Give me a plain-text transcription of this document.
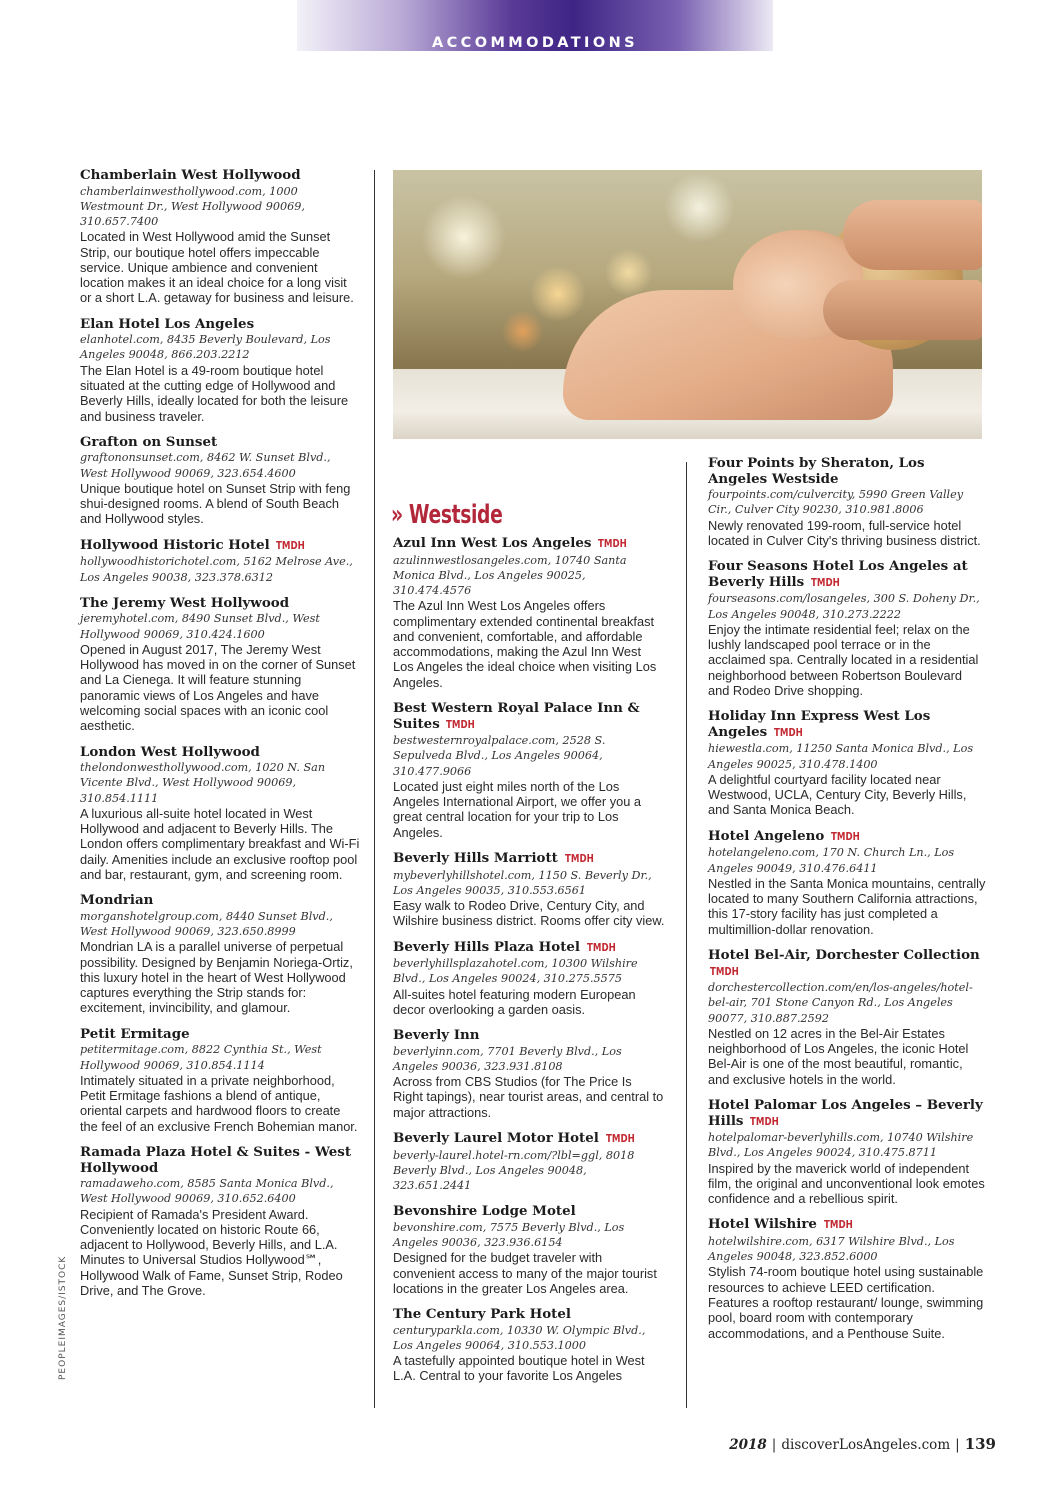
ACCOMMODATIONS
Chamberlain West Hollywood
chamberlainwesthollywood.com, 1000 Westmount Dr., West Hollywood 90069, 310.657.7400
Located in West Hollywood amid the Sunset Strip, our boutique hotel offers impeccable service. Unique ambience and convenient location makes it an ideal choice for a long visit or a short L.A. getaway for business and leisure.
Elan Hotel Los Angeles
elanhotel.com, 8435 Beverly Boulevard, Los Angeles 90048, 866.203.2212
The Elan Hotel is a 49-room boutique hotel situated at the cutting edge of Hollywood and Beverly Hills, ideally located for both the leisure and business traveler.
Grafton on Sunset
graftononsunset.com, 8462 W. Sunset Blvd., West Hollywood 90069, 323.654.4600
Unique boutique hotel on Sunset Strip with feng shui-designed rooms. A blend of South Beach and Hollywood styles.
Hollywood Historic Hotel TMDH
hollywoodhistorichotel.com, 5162 Melrose Ave., Los Angeles 90038, 323.378.6312
The Jeremy West Hollywood
jeremyhotel.com, 8490 Sunset Blvd., West Hollywood 90069, 310.424.1600
Opened in August 2017, The Jeremy West Hollywood has moved in on the corner of Sunset and La Cienega. It will feature stunning panoramic views of Los Angeles and have welcoming social spaces with an iconic cool aesthetic.
London West Hollywood
thelondonwesthollywood.com, 1020 N. San Vicente Blvd., West Hollywood 90069, 310.854.1111
A luxurious all-suite hotel located in West Hollywood and adjacent to Beverly Hills. The London offers complimentary breakfast and Wi-Fi daily. Amenities include an exclusive rooftop pool and bar, restaurant, gym, and screening room.
Mondrian
morganshotelgroup.com, 8440 Sunset Blvd., West Hollywood 90069, 323.650.8999
Mondrian LA is a parallel universe of perpetual possibility. Designed by Benjamin Noriega-Ortiz, this luxury hotel in the heart of West Hollywood captures everything the Strip stands for: excitement, invincibility, and glamour.
Petit Ermitage
petitermitage.com, 8822 Cynthia St., West Hollywood 90069, 310.854.1114
Intimately situated in a private neighborhood, Petit Ermitage fashions a blend of antique, oriental carpets and hardwood floors to create the feel of an exclusive French Bohemian manor.
Ramada Plaza Hotel & Suites - West Hollywood
ramadaweho.com, 8585 Santa Monica Blvd., West Hollywood 90069, 310.652.6400
Recipient of Ramada's President Award. Conveniently located on historic Route 66, adjacent to Hollywood, Beverly Hills, and L.A. Minutes to Universal Studios Hollywood℠, Hollywood Walk of Fame, Sunset Strip, Rodeo Drive, and The Grove.
» Westside
Azul Inn West Los Angeles TMDH
azulinnwestlosangeles.com, 10740 Santa Monica Blvd., Los Angeles 90025, 310.474.4576
The Azul Inn West Los Angeles offers complimentary extended continental breakfast and convenient, comfortable, and affordable accommodations, making the Azul Inn West Los Angeles the ideal choice when visiting Los Angeles.
Best Western Royal Palace Inn & Suites TMDH
bestwesternroyalpalace.com, 2528 S. Sepulveda Blvd., Los Angeles 90064, 310.477.9066
Located just eight miles north of the Los Angeles International Airport, we offer you a great central location for your trip to Los Angeles.
Beverly Hills Marriott TMDH
mybeverlyhillshotel.com, 1150 S. Beverly Dr., Los Angeles 90035, 310.553.6561
Easy walk to Rodeo Drive, Century City, and Wilshire business district. Rooms offer city view.
Beverly Hills Plaza Hotel TMDH
beverlyhillsplazahotel.com, 10300 Wilshire Blvd., Los Angeles 90024, 310.275.5575
All-suites hotel featuring modern European decor overlooking a garden oasis.
Beverly Inn
beverlyinn.com, 7701 Beverly Blvd., Los Angeles 90036, 323.931.8108
Across from CBS Studios (for The Price Is Right tapings), near tourist areas, and central to major attractions.
Beverly Laurel Motor Hotel TMDH
beverly-laurel.hotel-rn.com/?lbl=ggl, 8018 Beverly Blvd., Los Angeles 90048, 323.651.2441
Bevonshire Lodge Motel
bevonshire.com, 7575 Beverly Blvd., Los Angeles 90036, 323.936.6154
Designed for the budget traveler with convenient access to many of the major tourist locations in the greater Los Angeles area.
The Century Park Hotel
centuryparkla.com, 10330 W. Olympic Blvd., Los Angeles 90064, 310.553.1000
A tastefully appointed boutique hotel in West L.A. Central to your favorite Los Angeles
Four Points by Sheraton, Los Angeles Westside
fourpoints.com/culvercity, 5990 Green Valley Cir., Culver City 90230, 310.981.8006
Newly renovated 199-room, full-service hotel located in Culver City's thriving business district.
Four Seasons Hotel Los Angeles at Beverly Hills TMDH
fourseasons.com/losangeles, 300 S. Doheny Dr., Los Angeles 90048, 310.273.2222
Enjoy the intimate residential feel; relax on the lushly landscaped pool terrace or in the acclaimed spa. Centrally located in a residential neighborhood between Robertson Boulevard and Rodeo Drive shopping.
Holiday Inn Express West Los Angeles TMDH
hiewestla.com, 11250 Santa Monica Blvd., Los Angeles 90025, 310.478.1400
A delightful courtyard facility located near Westwood, UCLA, Century City, Beverly Hills, and Santa Monica Beach.
Hotel Angeleno TMDH
hotelangeleno.com, 170 N. Church Ln., Los Angeles 90049, 310.476.6411
Nestled in the Santa Monica mountains, centrally located to many Southern California attractions, this 17-story facility has just completed a multimillion-dollar renovation.
Hotel Bel-Air, Dorchester Collection TMDH
dorchestercollection.com/en/los-angeles/hotel-bel-air, 701 Stone Canyon Rd., Los Angeles 90077, 310.887.2592
Nestled on 12 acres in the Bel-Air Estates neighborhood of Los Angeles, the iconic Hotel Bel-Air is one of the most beautiful, romantic, and exclusive hotels in the world.
Hotel Palomar Los Angeles – Beverly Hills TMDH
hotelpalomar-beverlyhills.com, 10740 Wilshire Blvd., Los Angeles 90024, 310.475.8711
Inspired by the maverick world of independent film, the original and unconventional look emotes confidence and a rebellious spirit.
Hotel Wilshire TMDH
hotelwilshire.com, 6317 Wilshire Blvd., Los Angeles 90048, 323.852.6000
Stylish 74-room boutique hotel using sustainable resources to achieve LEED certification. Features a rooftop restaurant/ lounge, swimming pool, board room with contemporary accommodations, and a Penthouse Suite.
PEOPLEIMAGES/ISTOCK
2018 | discoverLosAngeles.com | 139
